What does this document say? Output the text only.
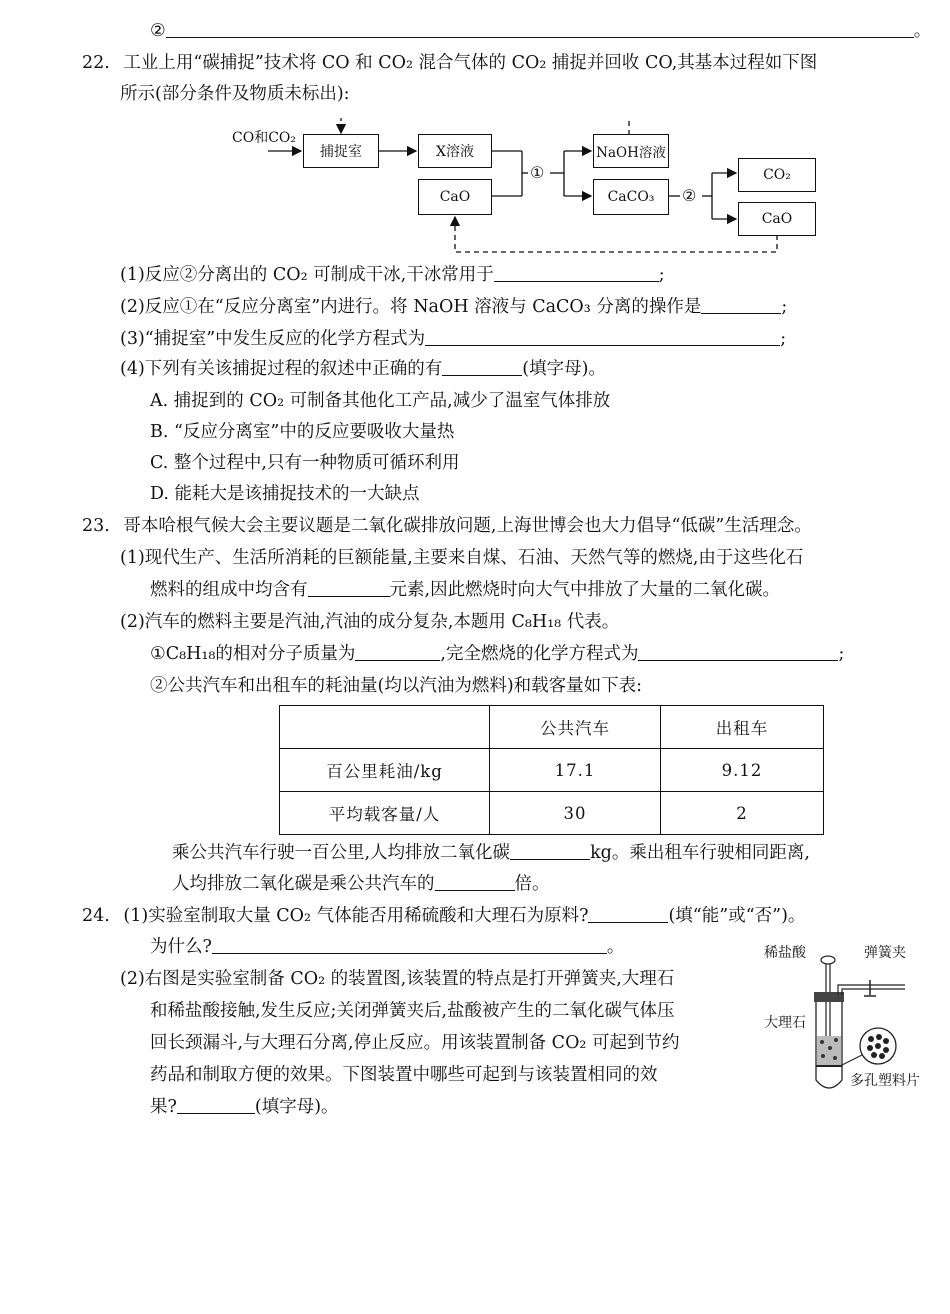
②	。
22. 工业上用“碳捕捉”技术将 CO 和 CO₂ 混合气体的 CO₂ 捕捉并回收 CO,其基本过程如下图
所示(部分条件及物质未标出):
CO和CO₂
捕捉室	X溶液
CaO
①
NaOH溶液
CaCO₃	②
CO₂
CaO
(1)反应②分离出的 CO₂ 可制成干冰,干冰常用于	;
(2)反应①在“反应分离室”内进行。将 NaOH 溶液与 CaCO₃ 分离的操作是	;
(3)“捕捉室”中发生反应的化学方程式为	;
(4)下列有关该捕捉过程的叙述中正确的有	(填字母)。
A. 捕捉到的 CO₂ 可制备其他化工产品,减少了温室气体排放
B. “反应分离室”中的反应要吸收大量热
C. 整个过程中,只有一种物质可循环利用
D. 能耗大是该捕捉技术的一大缺点
23. 哥本哈根气候大会主要议题是二氧化碳排放问题,上海世博会也大力倡导“低碳”生活理念。
(1)现代生产、生活所消耗的巨额能量,主要来自煤、石油、天然气等的燃烧,由于这些化石
燃料的组成中均含有	元素,因此燃烧时向大气中排放了大量的二氧化碳。
(2)汽车的燃料主要是汽油,汽油的成分复杂,本题用 C₈H₁₈ 代表。
①C₈H₁₈的相对分子质量为	,完全燃烧的化学方程式为	;
②公共汽车和出租车的耗油量(均以汽油为燃料)和载客量如下表:
	公共汽车	出租车
百公里耗油/kg	17.1	9.12
平均载客量/人	30	2
乘公共汽车行驶一百公里,人均排放二氧化碳	kg。乘出租车行驶相同距离,
人均排放二氧化碳是乘公共汽车的	倍。
24. (1)实验室制取大量 CO₂ 气体能否用稀硫酸和大理石为原料?	(填“能”或“否”)。
为什么?	。
(2)右图是实验室制备 CO₂ 的装置图,该装置的特点是打开弹簧夹,大理石
和稀盐酸接触,发生反应;关闭弹簧夹后,盐酸被产生的二氧化碳气体压
回长颈漏斗,与大理石分离,停止反应。用该装置制备 CO₂ 可起到节约
药品和制取方便的效果。下图装置中哪些可起到与该装置相同的效
果?	(填字母)。
稀盐酸	弹簧夹
大理石
多孔塑料片
